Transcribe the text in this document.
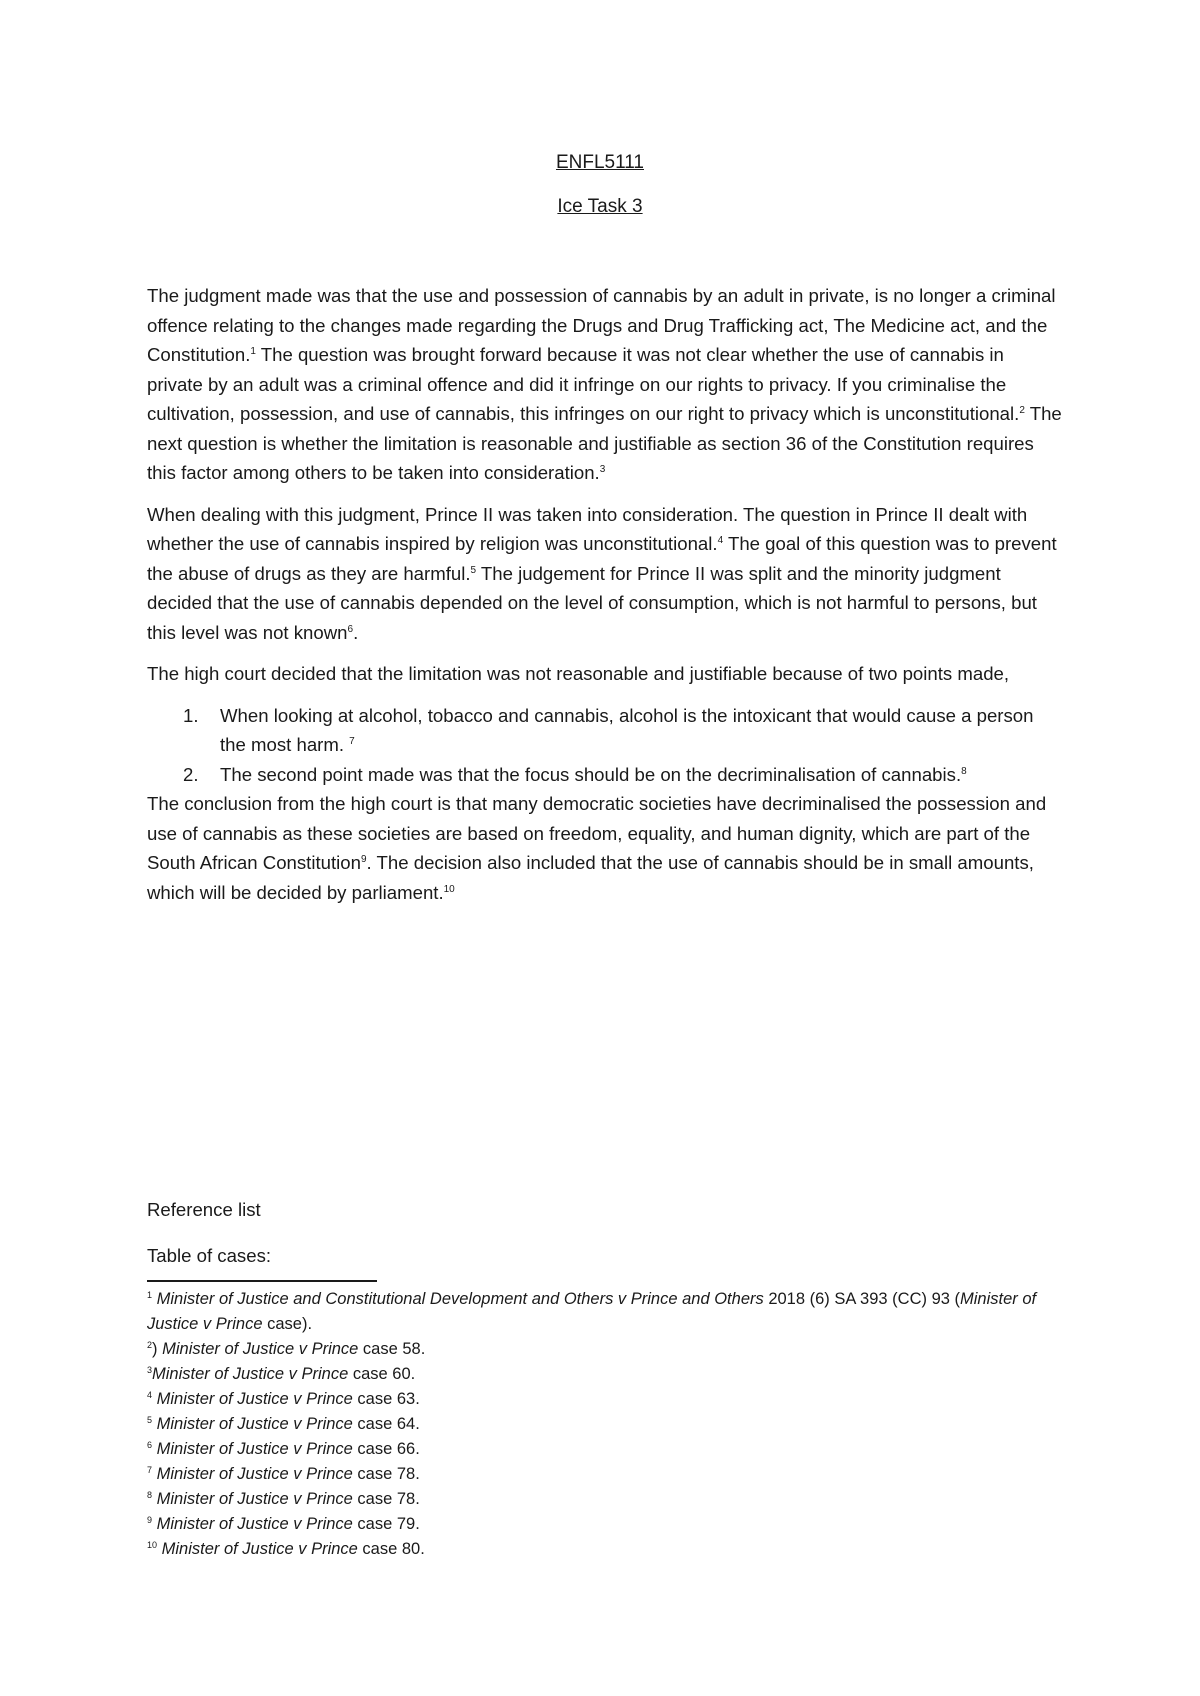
ENFL5111
Ice Task 3

The judgment made was that the use and possession of cannabis by an adult in private, is no longer a criminal offence relating to the changes made regarding the Drugs and Drug Trafficking act, The Medicine act, and the Constitution.$^1$ The question was brought forward because it was not clear whether the use of cannabis in private by an adult was a criminal offence and did it infringe on our rights to privacy. If you criminalise the cultivation, possession, and use of cannabis, this infringes on our right to privacy which is unconstitutional.$^2$ The next question is whether the limitation is reasonable and justifiable as section 36 of the Constitution requires this factor among others to be taken into consideration.$^3$

When dealing with this judgment, Prince II was taken into consideration. The question in Prince II dealt with whether the use of cannabis inspired by religion was unconstitutional.$^4$ The goal of this question was to prevent the abuse of drugs as they are harmful.$^5$ The judgement for Prince II was split and the minority judgment decided that the use of cannabis depended on the level of consumption, which is not harmful to persons, but this level was not known$^6$.

The high court decided that the limitation was not reasonable and justifiable because of two points made,

1. When looking at alcohol, tobacco and cannabis, alcohol is the intoxicant that would cause a person the most harm. $^7$
2. The second point made was that the focus should be on the decriminalisation of cannabis.$^8$

The conclusion from the high court is that many democratic societies have decriminalised the possession and use of cannabis as these societies are based on freedom, equality, and human dignity, which are part of the South African Constitution$^9$. The decision also included that the use of cannabis should be in small amounts, which will be decided by parliament.$^{10}$

Reference list
Table of cases:

$^1$ Minister of Justice and Constitutional Development and Others v Prince and Others 2018 (6) SA 393 (CC) 93 (Minister of Justice v Prince case).

$^2$) Minister of Justice v Prince case 58.

$^3$Minister of Justice v Prince case 60.

$^4$ Minister of Justice v Prince case 63.

$^5$ Minister of Justice v Prince case 64.

$^6$ Minister of Justice v Prince case 66.

$^7$ Minister of Justice v Prince case 78.

$^8$ Minister of Justice v Prince case 78.

$^9$ Minister of Justice v Prince case 79.

$^{10}$ Minister of Justice v Prince case 80.
